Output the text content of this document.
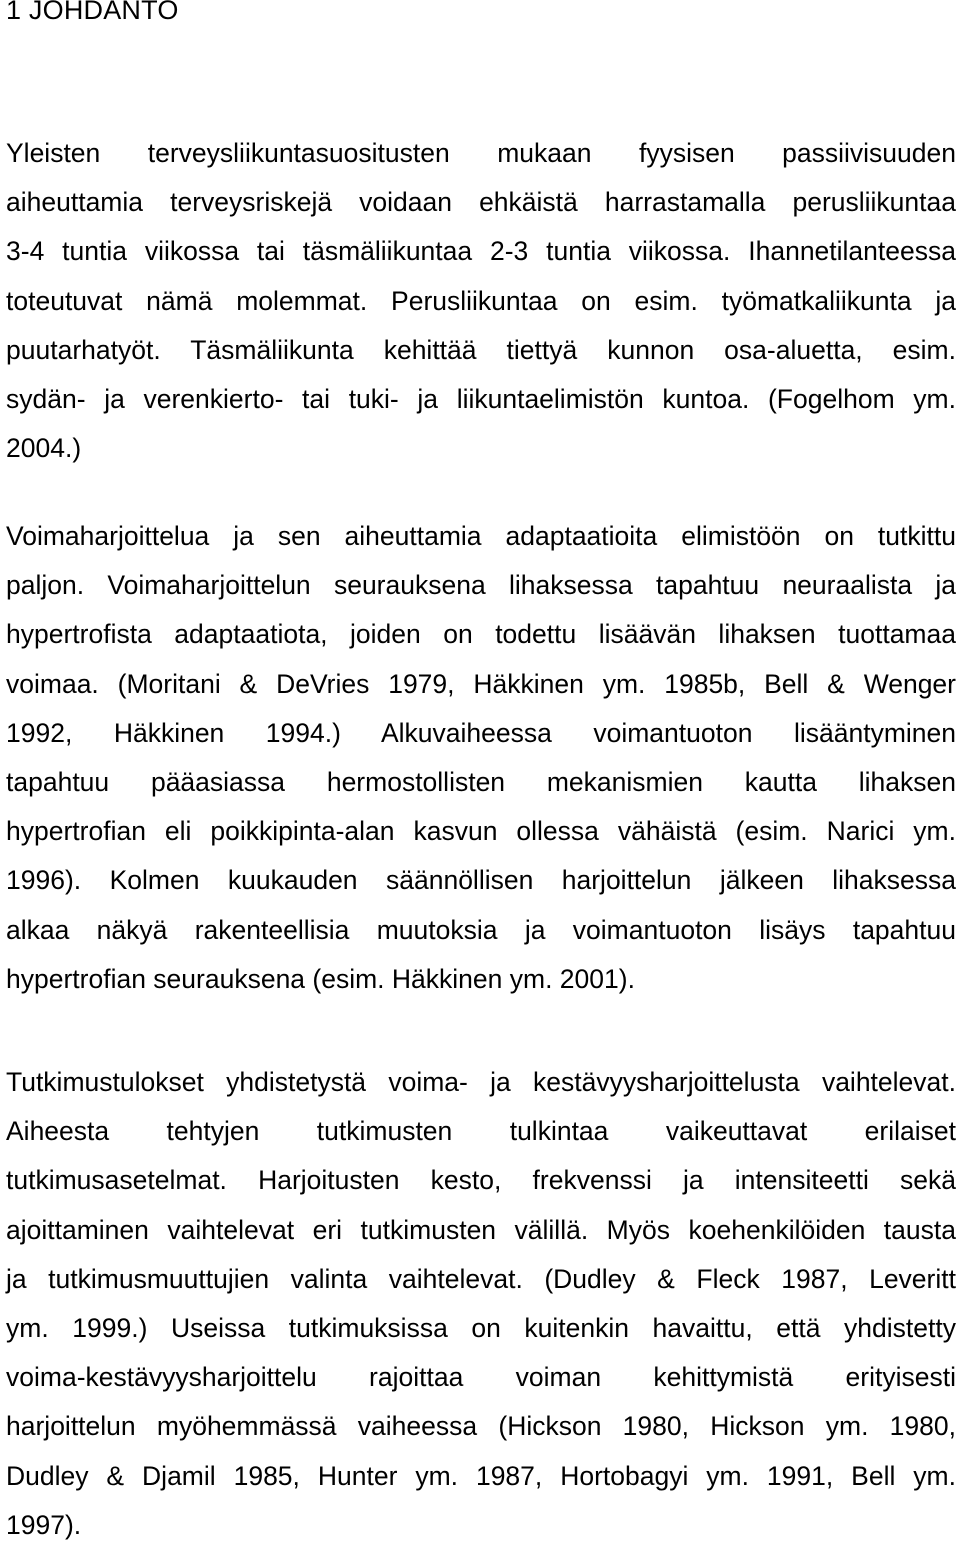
1 JOHDANTO

Yleisten terveysliikuntasuositusten mukaan fyysisen passiivisuuden
aiheuttamia terveysriskejä voidaan ehkäistä harrastamalla perusliikuntaa
3-4 tuntia viikossa tai täsmäliikuntaa 2-3 tuntia viikossa. Ihannetilanteessa
toteutuvat nämä molemmat. Perusliikuntaa on esim. työmatkaliikunta ja
puutarhatyöt. Täsmäliikunta kehittää tiettyä kunnon osa-aluetta, esim.
sydän- ja verenkierto- tai tuki- ja liikuntaelimistön kuntoa. (Fogelhom ym.
2004.)

Voimaharjoittelua ja sen aiheuttamia adaptaatioita elimistöön on tutkittu
paljon. Voimaharjoittelun seurauksena lihaksessa tapahtuu neuraalista ja
hypertrofista adaptaatiota, joiden on todettu lisäävän lihaksen tuottamaa
voimaa. (Moritani & DeVries 1979, Häkkinen ym. 1985b, Bell & Wenger
1992, Häkkinen 1994.) Alkuvaiheessa voimantuoton lisääntyminen
tapahtuu pääasiassa hermostollisten mekanismien kautta lihaksen
hypertrofian eli poikkipinta-alan kasvun ollessa vähäistä (esim. Narici ym.
1996). Kolmen kuukauden säännöllisen harjoittelun jälkeen lihaksessa
alkaa näkyä rakenteellisia muutoksia ja voimantuoton lisäys tapahtuu
hypertrofian seurauksena (esim. Häkkinen ym. 2001).

Tutkimustulokset yhdistetystä voima- ja kestävyysharjoittelusta vaihtelevat.
Aiheesta tehtyjen tutkimusten tulkintaa vaikeuttavat erilaiset
tutkimusasetelmat. Harjoitusten kesto, frekvenssi ja intensiteetti sekä
ajoittaminen vaihtelevat eri tutkimusten välillä. Myös koehenkilöiden tausta
ja tutkimusmuuttujien valinta vaihtelevat. (Dudley & Fleck 1987, Leveritt
ym. 1999.) Useissa tutkimuksissa on kuitenkin havaittu, että yhdistetty
voima-kestävyysharjoittelu rajoittaa voiman kehittymistä erityisesti
harjoittelun myöhemmässä vaiheessa (Hickson 1980, Hickson ym. 1980,
Dudley & Djamil 1985, Hunter ym. 1987, Hortobagyi ym. 1991, Bell ym.
1997).
